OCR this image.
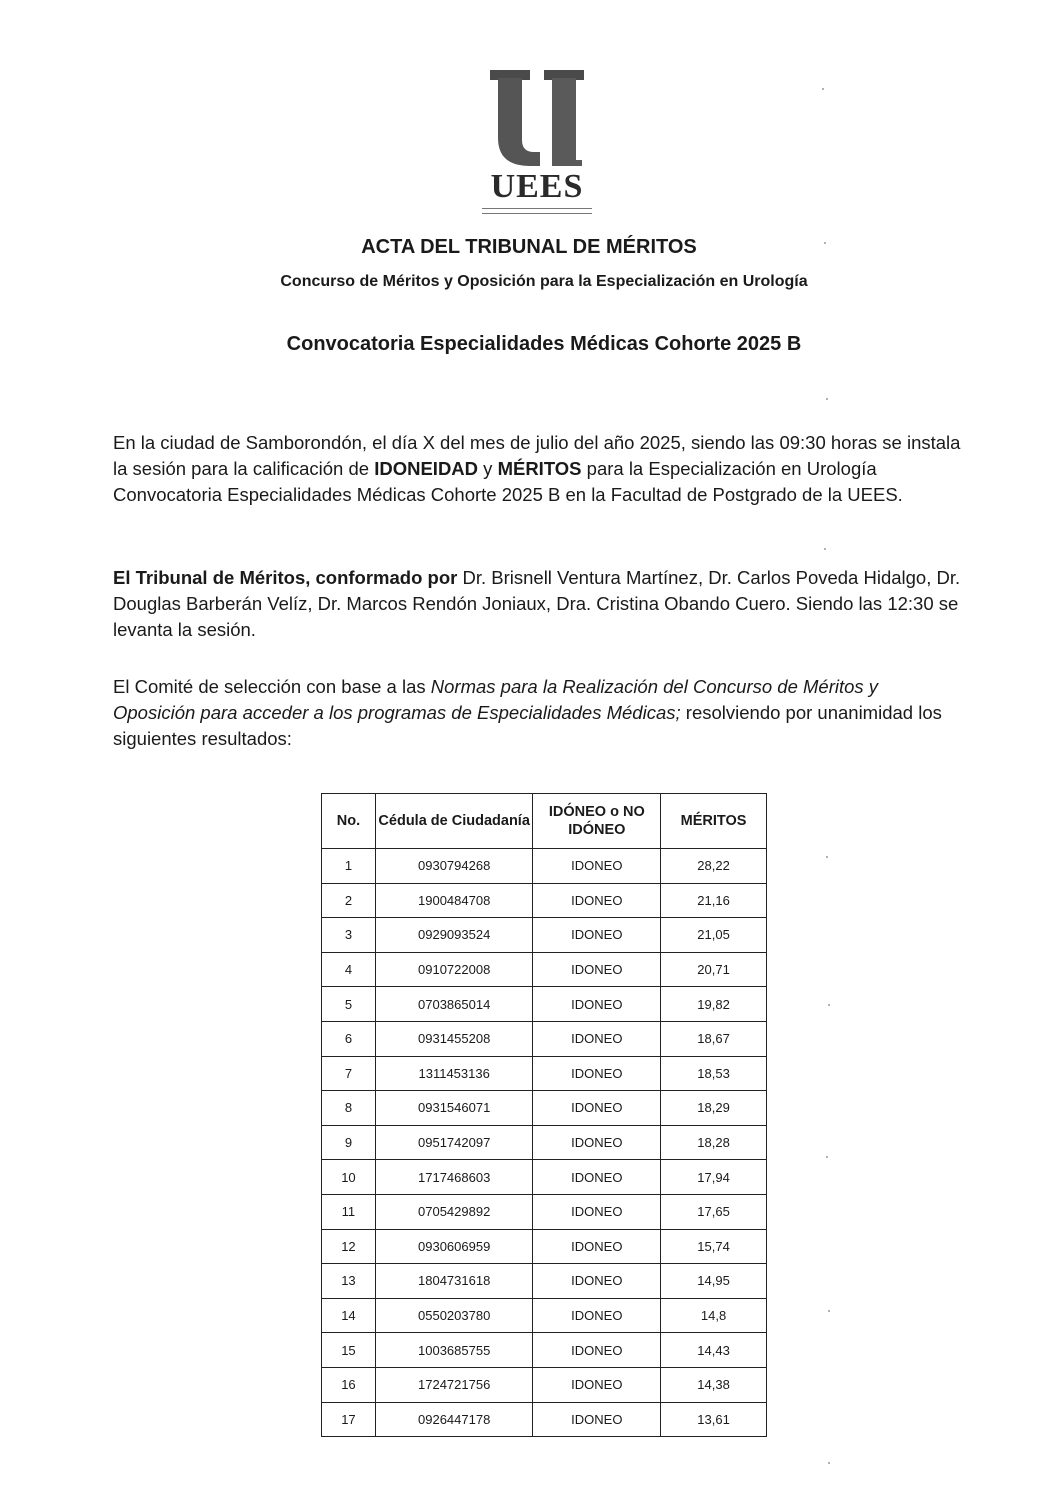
UEES
ACTA DEL TRIBUNAL DE MÉRITOS
Concurso de Méritos y Oposición para la Especialización en Urología
Convocatoria Especialidades Médicas Cohorte 2025 B
En la ciudad de Samborondón, el día X del mes de julio del año 2025, siendo las 09:30 horas se instala la sesión para la calificación de IDONEIDAD y MÉRITOS para la Especialización en Urología Convocatoria Especialidades Médicas Cohorte 2025 B en la Facultad de Postgrado de la UEES.
El Tribunal de Méritos, conformado por Dr. Brisnell Ventura Martínez, Dr. Carlos Poveda Hidalgo, Dr. Douglas Barberán Velíz, Dr. Marcos Rendón Joniaux, Dra. Cristina Obando Cuero. Siendo las 12:30 se levanta la sesión.
El Comité de selección con base a las Normas para la Realización del Concurso de Méritos y Oposición para acceder a los programas de Especialidades Médicas; resolviendo por unanimidad los siguientes resultados:
No.	Cédula de Ciudadanía	IDÓNEO o NO IDÓNEO	MÉRITOS
1	0930794268	IDONEO	28,22
2	1900484708	IDONEO	21,16
3	0929093524	IDONEO	21,05
4	0910722008	IDONEO	20,71
5	0703865014	IDONEO	19,82
6	0931455208	IDONEO	18,67
7	1311453136	IDONEO	18,53
8	0931546071	IDONEO	18,29
9	0951742097	IDONEO	18,28
10	1717468603	IDONEO	17,94
11	0705429892	IDONEO	17,65
12	0930606959	IDONEO	15,74
13	1804731618	IDONEO	14,95
14	0550203780	IDONEO	14,8
15	1003685755	IDONEO	14,43
16	1724721756	IDONEO	14,38
17	0926447178	IDONEO	13,61
